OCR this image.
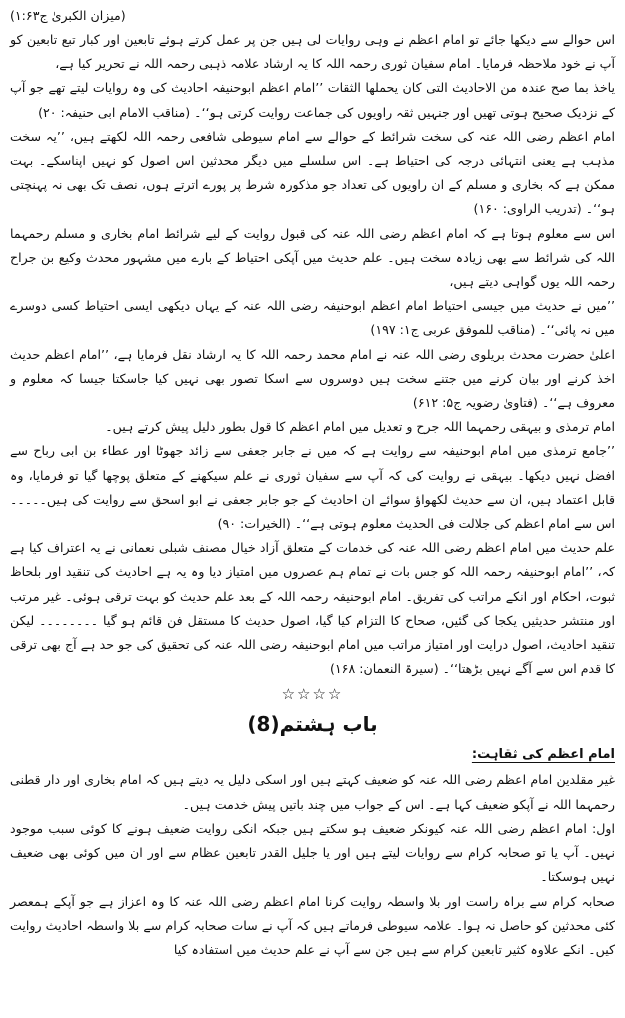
(میزان الکبریٰ ج۱:۶۳)

اس حوالے سے دیکھا جائے تو امام اعظم نے وہی روایات لی ہیں جن پر عمل کرتے ہوئے تابعین اور کبار تبع تابعین کو آپ نے خود ملاحظہ فرمایا۔ امام سفیان ثوری رحمہ اللہ کا یہ ارشاد علامہ ذہبی رحمہ اللہ نے تحریر کیا ہے،

یاخذ بما صح عندہ من الاحادیث التی کان یحملھا الثقات ’’امام اعظم ابوحنیفہ احادیث کی وہ روایات لیتے تھے جو آپ کے نزدیک صحیح ہوتی تھیں اور جنہیں ثقہ راویوں کی جماعت روایت کرتی ہو‘‘۔ (مناقب الامام ابی حنیفہ: ۲۰)

امام اعظم رضی اللہ عنہ کی سخت شرائط کے حوالے سے امام سیوطی شافعی رحمہ اللہ لکھتے ہیں، ’’یہ سخت مذہب ہے یعنی انتہائی درجہ کی احتیاط ہے۔ اس سلسلے میں دیگر محدثین اس اصول کو نہیں اپناسکے۔ بہت ممکن ہے کہ بخاری و مسلم کے ان راویوں کی تعداد جو مذکورہ شرط پر پورے اترتے ہوں، نصف تک بھی نہ پہنچتی ہو‘‘۔ (تدریب الراوی: ۱۶۰)

اس سے معلوم ہوتا ہے کہ امام اعظم رضی اللہ عنہ کی قبول روایت کے لیے شرائط امام بخاری و مسلم رحمہما اللہ کی شرائط سے بھی زیادہ سخت ہیں۔ علم حدیث میں آپکی احتیاط کے بارے میں مشہور محدث وکیع بن جراح رحمہ اللہ یوں گواہی دیتے ہیں،

’’میں نے حدیث میں جیسی احتیاط امام اعظم ابوحنیفہ رضی اللہ عنہ کے یہاں دیکھی ایسی احتیاط کسی دوسرے میں نہ پائی‘‘۔ (مناقب للموفق عربی ج۱: ۱۹۷)

اعلیٰ حضرت محدث بریلوی رضی اللہ عنہ نے امام محمد رحمہ اللہ کا یہ ارشاد نقل فرمایا ہے، ’’امام اعظم حدیث اخذ کرنے اور بیان کرنے میں جتنے سخت ہیں دوسروں سے اسکا تصور بھی نہیں کیا جاسکتا جیسا کہ معلوم و معروف ہے‘‘۔ (فتاویٰ رضویہ ج۵: ۶۱۲)

امام ترمذی و بیہقی رحمہما اللہ جرح و تعدیل میں امام اعظم کا قول بطور دلیل پیش کرتے ہیں۔

’’جامع ترمذی میں امام ابوحنیفہ سے روایت ہے کہ میں نے جابر جعفی سے زائد جھوٹا اور عطاء بن ابی رباح سے افضل نہیں دیکھا۔ بیہقی نے روایت کی کہ آپ سے سفیان ثوری نے علم سیکھنے کے متعلق پوچھا گیا تو فرمایا، وہ قابل اعتماد ہیں، ان سے حدیث لکھواؤ سوائے ان احادیث کے جو جابر جعفی نے ابو اسحق سے روایت کی ہیں۔۔۔۔۔اس سے امام اعظم کی جلالت فی الحدیث معلوم ہوتی ہے‘‘۔ (الخیرات: ۹۰)

علم حدیث میں امام اعظم رضی اللہ عنہ کی خدمات کے متعلق آزاد خیال مصنف شبلی نعمانی نے یہ اعتراف کیا ہے کہ، ’’امام ابوحنیفہ رحمہ اللہ کو جس بات نے تمام ہم عصروں میں امتیاز دیا وہ یہ ہے احادیث کی تنقید اور بلحاظ ثبوت، احکام اور انکے مراتب کی تفریق۔ امام ابوحنیفہ رحمہ اللہ کے بعد علم حدیث کو بہت ترقی ہوئی۔ غیر مرتب اور منتشر حدیثیں یکجا کی گئیں، صحاح کا التزام کیا گیا، اصول حدیث کا مستقل فن قائم ہو گیا ۔۔۔۔۔۔۔۔ لیکن تنقید احادیث، اصول درایت اور امتیاز مراتب میں امام ابوحنیفہ رضی اللہ عنہ کی تحقیق کی جو حد ہے آج بھی ترقی کا قدم اس سے آگے نہیں بڑھتا‘‘۔ (سیرۃ النعمان: ۱۶۸)

☆☆☆☆
باب ہشتم(8)
امام اعظم کی ثقاہت:

غیر مقلدین امام اعظم رضی اللہ عنہ کو ضعیف کہتے ہیں اور اسکی دلیل یہ دیتے ہیں کہ امام بخاری اور دار قطنی رحمہما اللہ نے آپکو ضعیف کہا ہے۔ اس کے جواب میں چند باتیں پیش خدمت ہیں۔

اول: امام اعظم رضی اللہ عنہ کیونکر ضعیف ہو سکتے ہیں جبکہ انکی روایت ضعیف ہونے کا کوئی سبب موجود نہیں۔ آپ یا تو صحابہ کرام سے روایات لیتے ہیں اور یا جلیل القدر تابعین عظام سے اور ان میں کوئی بھی ضعیف نہیں ہوسکتا۔

صحابہ کرام سے براہ راست اور بلا واسطہ روایت کرنا امام اعظم رضی اللہ عنہ کا وہ اعزاز ہے جو آپکے ہمعصر کئی محدثین کو حاصل نہ ہوا۔ علامہ سیوطی فرماتے ہیں کہ آپ نے سات صحابہ کرام سے بلا واسطہ احادیث روایت کیں۔ انکے علاوہ کثیر تابعین کرام سے ہیں جن سے آپ نے علم حدیث میں استفادہ کیا
